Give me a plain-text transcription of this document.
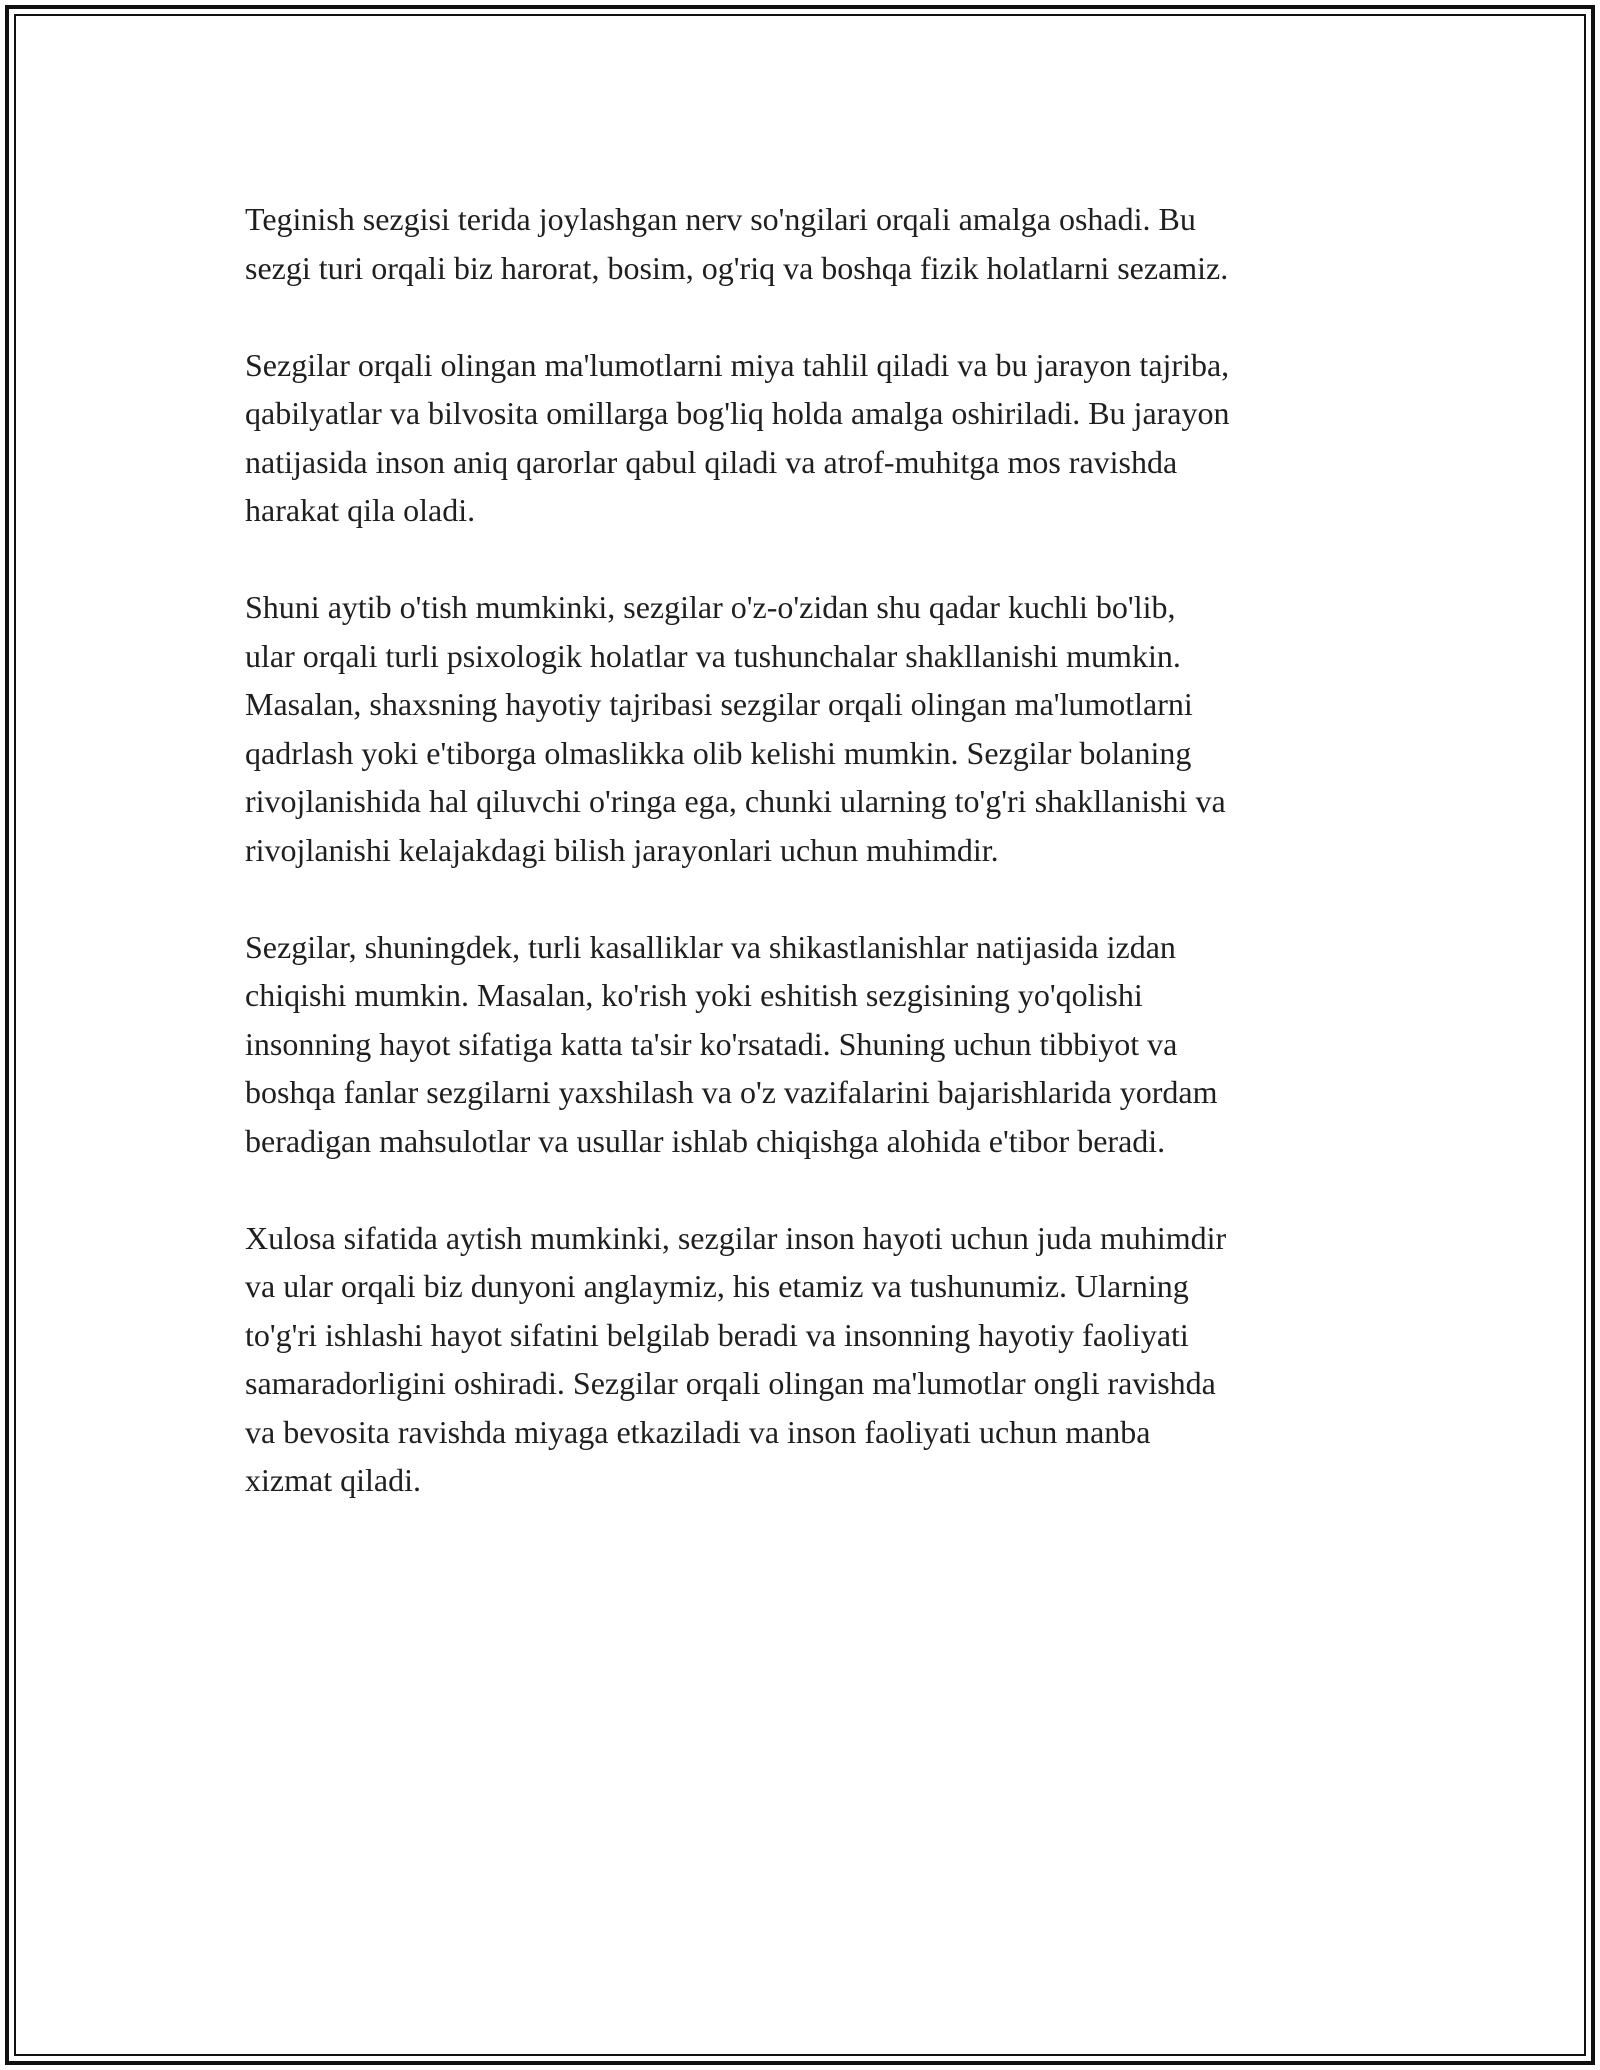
Teginish sezgisi terida joylashgan nerv so'ngilari orqali amalga oshadi. Bu
sezgi turi orqali biz harorat, bosim, og'riq va boshqa fizik holatlarni sezamiz.

Sezgilar orqali olingan ma'lumotlarni miya tahlil qiladi va bu jarayon tajriba,
qabilyatlar va bilvosita omillarga bog'liq holda amalga oshiriladi. Bu jarayon
natijasida inson aniq qarorlar qabul qiladi va atrof-muhitga mos ravishda
harakat qila oladi.

Shuni aytib o'tish mumkinki, sezgilar o'z-o'zidan shu qadar kuchli bo'lib,
ular orqali turli psixologik holatlar va tushunchalar shakllanishi mumkin.
Masalan, shaxsning hayotiy tajribasi sezgilar orqali olingan ma'lumotlarni
qadrlash yoki e'tiborga olmaslikka olib kelishi mumkin. Sezgilar bolaning
rivojlanishida hal qiluvchi o'ringa ega, chunki ularning to'g'ri shakllanishi va
rivojlanishi kelajakdagi bilish jarayonlari uchun muhimdir.

Sezgilar, shuningdek, turli kasalliklar va shikastlanishlar natijasida izdan
chiqishi mumkin. Masalan, ko'rish yoki eshitish sezgisining yo'qolishi
insonning hayot sifatiga katta ta'sir ko'rsatadi. Shuning uchun tibbiyot va
boshqa fanlar sezgilarni yaxshilash va o'z vazifalarini bajarishlarida yordam
beradigan mahsulotlar va usullar ishlab chiqishga alohida e'tibor beradi.

Xulosa sifatida aytish mumkinki, sezgilar inson hayoti uchun juda muhimdir
va ular orqali biz dunyoni anglaymiz, his etamiz va tushunumiz. Ularning
to'g'ri ishlashi hayot sifatini belgilab beradi va insonning hayotiy faoliyati
samaradorligini oshiradi. Sezgilar orqali olingan ma'lumotlar ongli ravishda
va bevosita ravishda miyaga etkaziladi va inson faoliyati uchun manba
xizmat qiladi.
